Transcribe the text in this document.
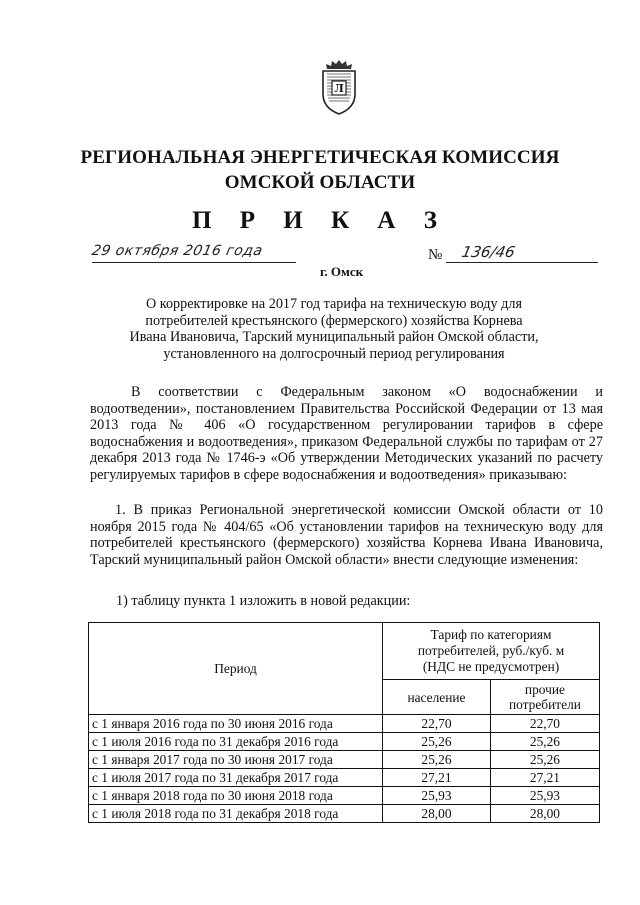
Л
РЕГИОНАЛЬНАЯ ЭНЕРГЕТИЧЕСКАЯ КОМИССИЯ
ОМСКОЙ ОБЛАСТИ
П Р И К А З
29 октября 2016 года	№ 136/46
г. Омск
О корректировке на 2017 год тарифа на техническую воду для
потребителей крестьянского (фермерского) хозяйства Корнева
Ивана Ивановича, Тарский муниципальный район Омской области,
установленного на долгосрочный период регулирования
В соответствии с Федеральным законом «О водоснабжении и водоотведении», постановлением Правительства Российской Федерации от 13 мая 2013 года № 406 «О государственном регулировании тарифов в сфере водоснабжения и водоотведения», приказом Федеральной службы по тарифам от 27 декабря 2013 года № 1746-э «Об утверждении Методических указаний по расчету регулируемых тарифов в сфере водоснабжения и водоотведения» приказываю:
1. В приказ Региональной энергетической комиссии Омской области от 10 ноября 2015 года № 404/65 «Об установлении тарифов на техническую воду для потребителей крестьянского (фермерского) хозяйства Корнева Ивана Ивановича, Тарский муниципальный район Омской области» внести следующие изменения:
1) таблицу пункта 1 изложить в новой редакции:
Период	Тариф по категориям
потребителей, руб./куб. м
(НДС не предусмотрен)	

	население	прочие потребители
с 1 января 2016 года по 30 июня 2016 года	22,70	22,70
с 1 июля 2016 года по 31 декабря 2016 года	25,26	25,26
с 1 января 2017 года по 30 июня 2017 года	25,26	25,26
с 1 июля 2017 года по 31 декабря 2017 года	27,21	27,21
с 1 января 2018 года по 30 июня 2018 года	25,93	25,93
с 1 июля 2018 года по 31 декабря 2018 года	28,00	28,00
